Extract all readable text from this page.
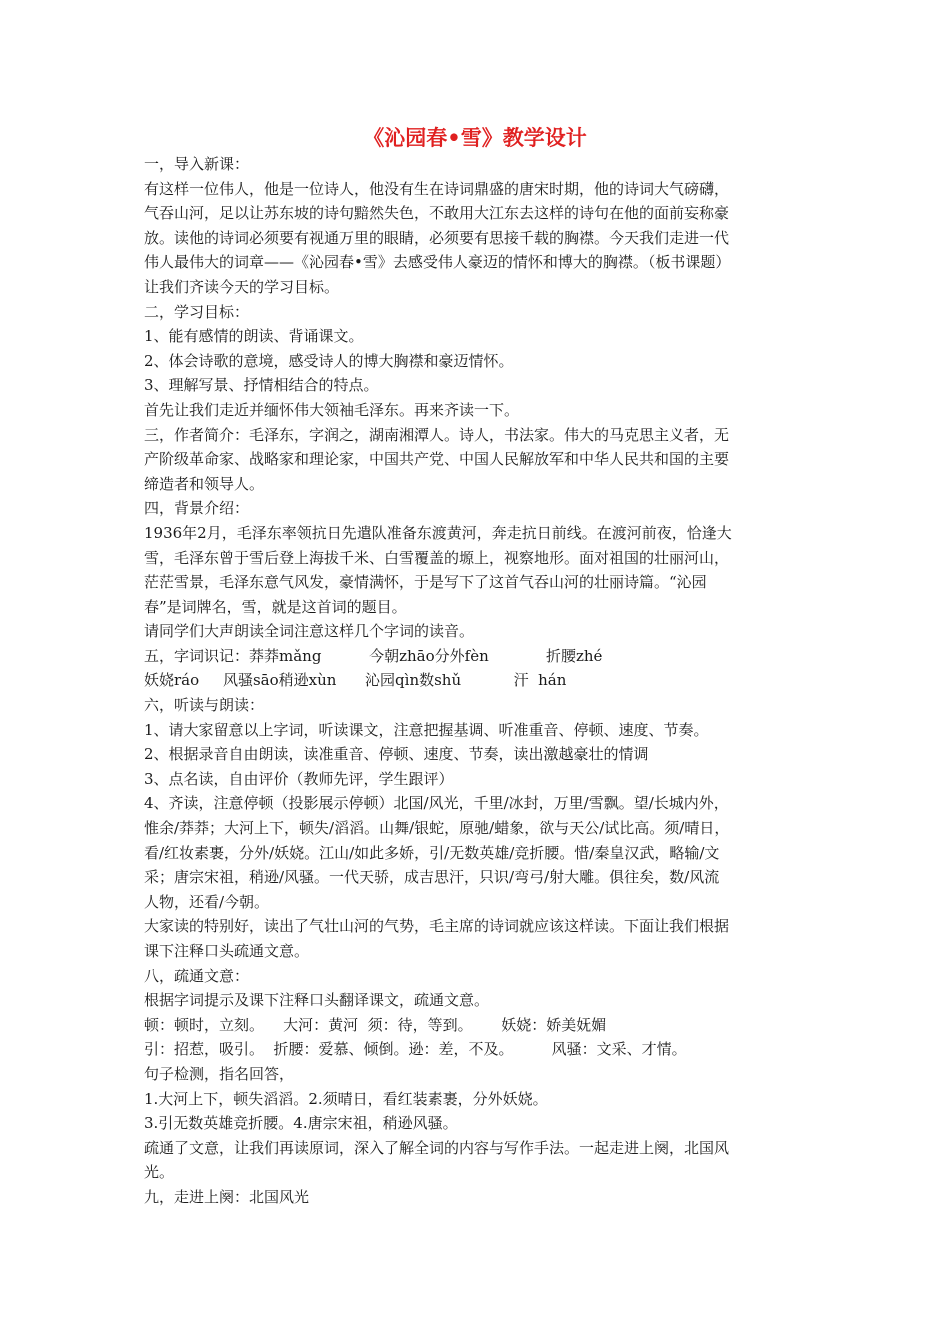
《沁园春•雪》教学设计
一，导入新课：
有这样一位伟人，他是一位诗人，他没有生在诗词鼎盛的唐宋时期，他的诗词大气磅礴，
气吞山河，足以让苏东坡的诗句黯然失色，不敢用大江东去这样的诗句在他的面前妄称豪
放。读他的诗词必须要有视通万里的眼睛，必须要有思接千载的胸襟。今天我们走进一代
伟人最伟大的词章——《沁园春•雪》去感受伟人豪迈的情怀和博大的胸襟。（板书课题）
让我们齐读今天的学习目标。
二，学习目标：
1、能有感情的朗读、背诵课文。
2、体会诗歌的意境，感受诗人的博大胸襟和豪迈情怀。
3、理解写景、抒情相结合的特点。
首先让我们走近并缅怀伟大领袖毛泽东。再来齐读一下。
三，作者简介：毛泽东，字润之，湖南湘潭人。诗人，书法家。伟大的马克思主义者，无
产阶级革命家、战略家和理论家，中国共产党、中国人民解放军和中华人民共和国的主要
缔造者和领导人。
四，背景介绍：
1936年2月，毛泽东率领抗日先遣队准备东渡黄河，奔走抗日前线。在渡河前夜，恰逢大
雪，毛泽东曾于雪后登上海拔千米、白雪覆盖的塬上，视察地形。面对祖国的壮丽河山，
茫茫雪景，毛泽东意气风发，豪情满怀，于是写下了这首气吞山河的壮丽诗篇。“沁园
春”是词牌名，雪，就是这首词的题目。
请同学们大声朗读全词注意这样几个字词的读音。
五，字词识记：莽莽mǎng          今朝zhāo分外fèn            折腰zhé
妖娆ráo     风骚sāo稍逊xùn      沁园qìn数shǔ           汗  hán
六，听读与朗读：
1、请大家留意以上字词，听读课文，注意把握基调、听准重音、停顿、速度、节奏。
2、根据录音自由朗读，读准重音、停顿、速度、节奏，读出激越豪壮的情调
3、点名读，自由评价（教师先评，学生跟评）
4、齐读，注意停顿（投影展示停顿）北国/风光，千里/冰封，万里/雪飘。望/长城内外，
惟余/莽莽；大河上下，顿失/滔滔。山舞/银蛇，原驰/蜡象，欲与天公/试比高。须/晴日，
看/红妆素裹，分外/妖娆。江山/如此多娇，引/无数英雄/竞折腰。惜/秦皇汉武，略输/文
采；唐宗宋祖，稍逊/风骚。一代天骄，成吉思汗，只识/弯弓/射大雕。俱往矣，数/风流
人物，还看/今朝。
大家读的特别好，读出了气壮山河的气势，毛主席的诗词就应该这样读。下面让我们根据
课下注释口头疏通文意。
八，疏通文意：
根据字词提示及课下注释口头翻译课文，疏通文意。
顿：顿时，立刻。    大河：黄河  须：待，等到。      妖娆：娇美妩媚
引：招惹，吸引。  折腰：爱慕、倾倒。逊：差，不及。        风骚：文采、才情。
句子检测，指名回答，
1.大河上下，顿失滔滔。2.须晴日，看红装素裹，分外妖娆。
3.引无数英雄竞折腰。4.唐宗宋祖，稍逊风骚。
疏通了文意，让我们再读原词，深入了解全词的内容与写作手法。一起走进上阕，北国风
光。
九，走进上阕：北国风光
